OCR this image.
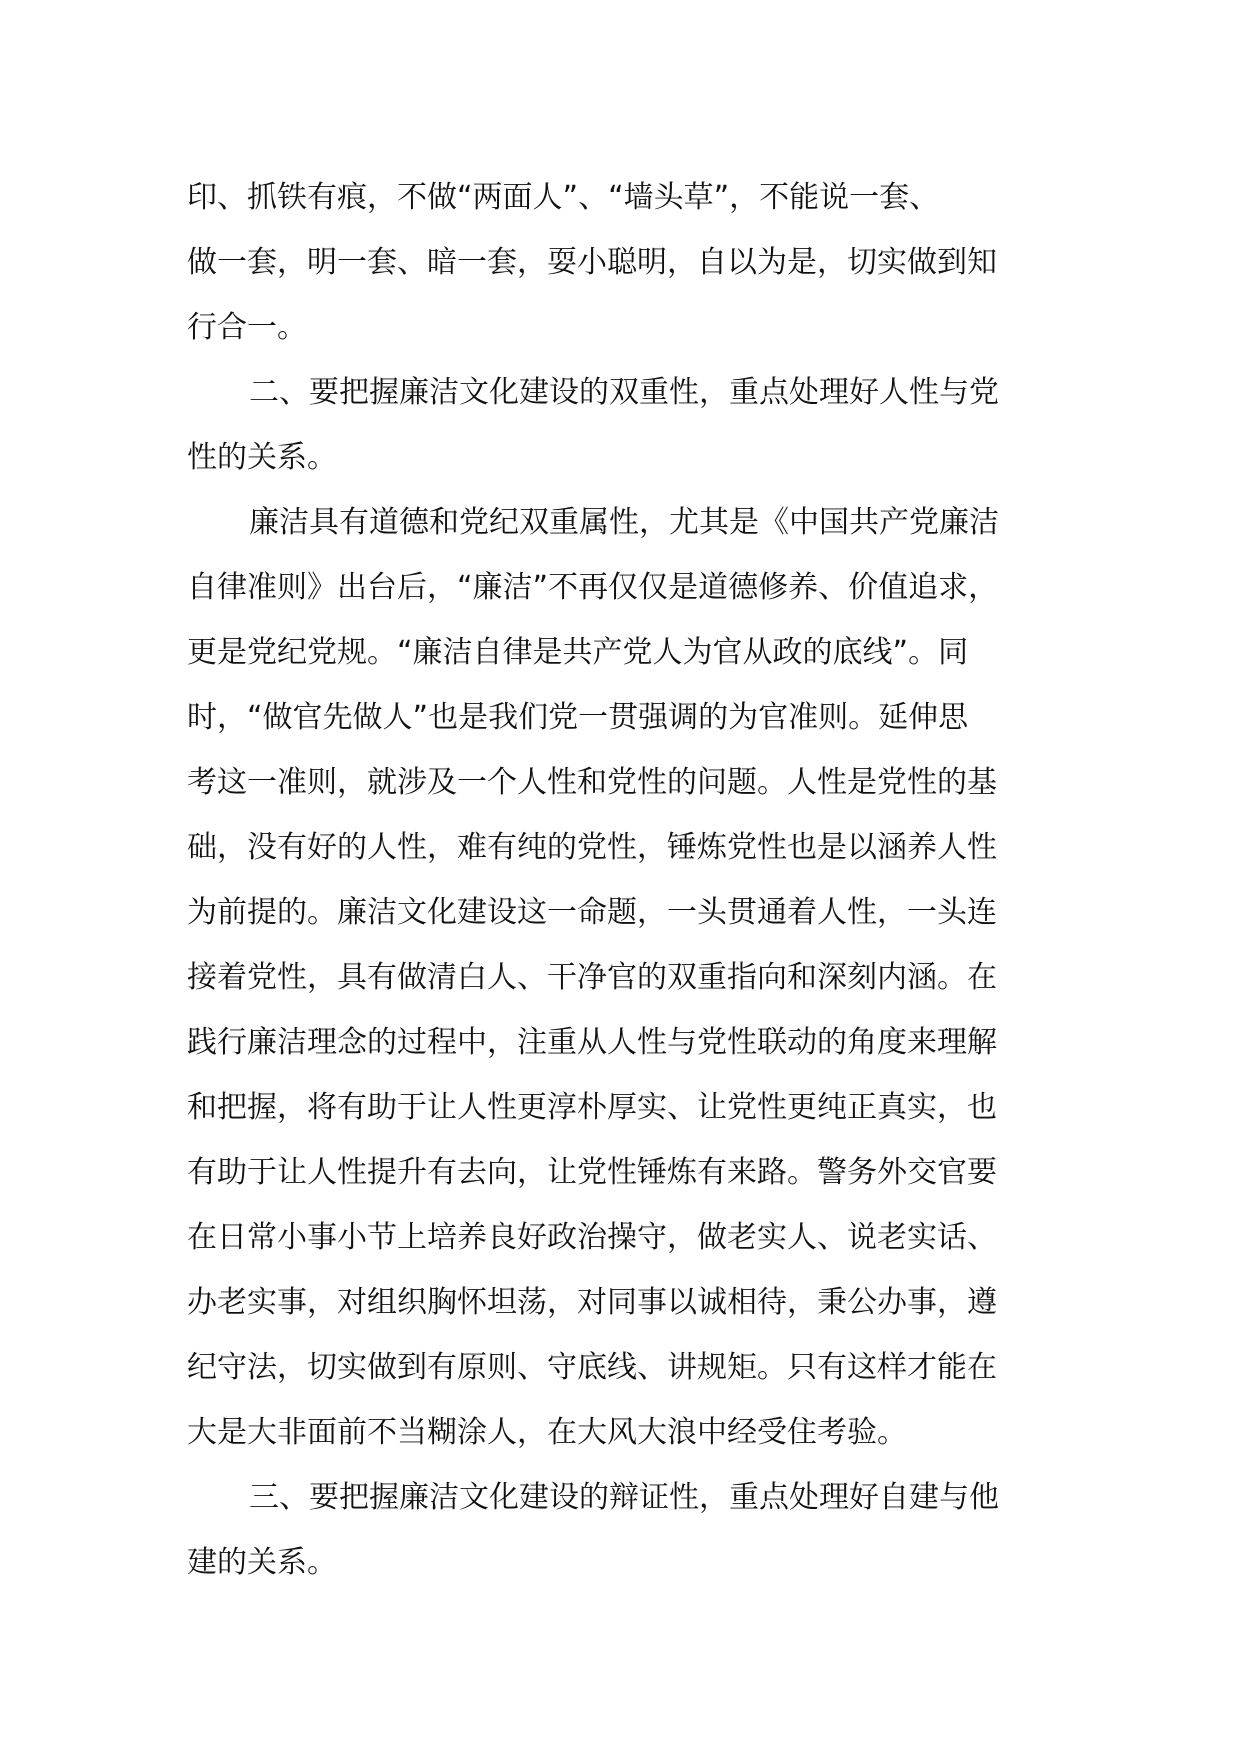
印、抓铁有痕，不做“两面人”、“墙头草”，不能说一套、
做一套，明一套、暗一套，耍小聪明，自以为是，切实做到知
行合一。

二、要把握廉洁文化建设的双重性，重点处理好人性与党
性的关系。

廉洁具有道德和党纪双重属性，尤其是《中国共产党廉洁
自律准则》出台后，“廉洁”不再仅仅是道德修养、价值追求，
更是党纪党规。“廉洁自律是共产党人为官从政的底线”。同
时，“做官先做人”也是我们党一贯强调的为官准则。延伸思
考这一准则，就涉及一个人性和党性的问题。人性是党性的基
础，没有好的人性，难有纯的党性，锤炼党性也是以涵养人性
为前提的。廉洁文化建设这一命题，一头贯通着人性，一头连
接着党性，具有做清白人、干净官的双重指向和深刻内涵。在
践行廉洁理念的过程中，注重从人性与党性联动的角度来理解
和把握，将有助于让人性更淳朴厚实、让党性更纯正真实，也
有助于让人性提升有去向，让党性锤炼有来路。警务外交官要
在日常小事小节上培养良好政治操守，做老实人、说老实话、
办老实事，对组织胸怀坦荡，对同事以诚相待，秉公办事，遵
纪守法，切实做到有原则、守底线、讲规矩。只有这样才能在
大是大非面前不当糊涂人，在大风大浪中经受住考验。

三、要把握廉洁文化建设的辩证性，重点处理好自建与他
建的关系。
